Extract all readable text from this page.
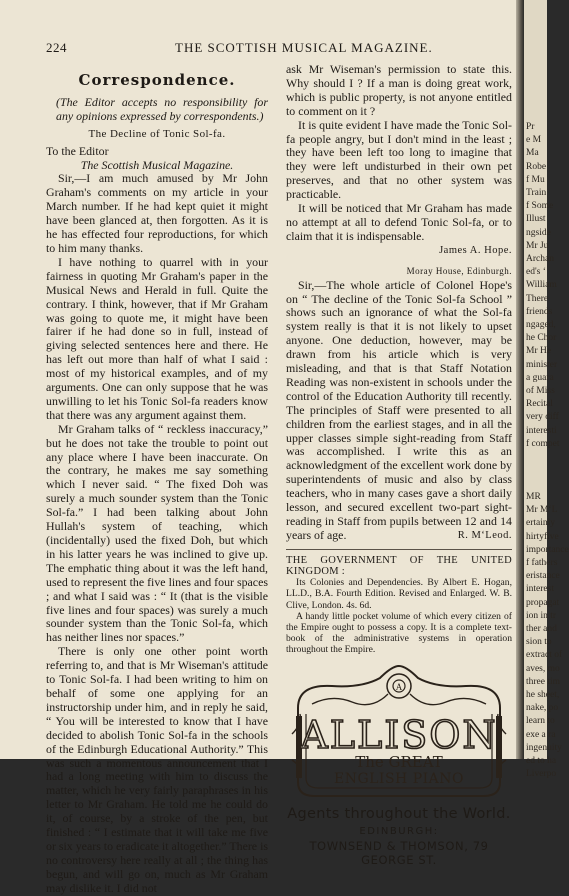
224	THE SCOTTISH MUSICAL MAGAZINE.
Correspondence.

(The Editor accepts no responsibility for any opinions expressed by correspondents.)

The Decline of Tonic Sol-fa.

To the Editor

The Scottish Musical Magazine.

Sir,—I am much amused by Mr John Graham's comments on my article in your March number. If he had kept quiet it might have been glanced at, then forgotten. As it is he has effected four reproductions, for which to him many thanks.

I have nothing to quarrel with in your fairness in quoting Mr Graham's paper in the Musical News and Herald in full. Quite the contrary. I think, however, that if Mr Graham was going to quote me, it might have been fairer if he had done so in full, instead of giving selected sentences here and there. He has left out more than half of what I said : most of my historical examples, and of my arguments. One can only suppose that he was unwilling to let his Tonic Sol-fa readers know that there was any argument against them.

Mr Graham talks of “ reckless inaccuracy,” but he does not take the trouble to point out any place where I have been inaccurate. On the contrary, he makes me say something which I never said. “ The fixed Doh was surely a much sounder system than the Tonic Sol-fa.” I had been talking about John Hullah's system of teaching, which (incidentally) used the fixed Doh, but which in his latter years he was inclined to give up. The emphatic thing about it was the left hand, used to represent the five lines and four spaces ; and what I said was : “ It (that is the visible five lines and four spaces) was surely a much sounder system than the Tonic Sol-fa, which has neither lines nor spaces.”

There is only one other point worth referring to, and that is Mr Wiseman's attitude to Tonic Sol-fa. I had been writing to him on behalf of some one applying for an instructorship under him, and in reply he said, “ You will be interested to know that I have decided to abolish Tonic Sol-fa in the schools of the Edinburgh Educational Authority.” This was such a momentous announcement that I had a long meeting with him to discuss the matter, which he very fairly paraphrases in his letter to Mr Graham. He told me he could do it, of course, by a stroke of the pen, but finished : “ I estimate that it will take me five or six years to eradicate it altogether.” There is no controversy here really at all ; the thing has begun, and will go on, much as Mr Graham may dislike it. I did not

ask Mr Wiseman's permission to state this. Why should I ? If a man is doing great work, which is public property, is not anyone entitled to comment on it ?

It is quite evident I have made the Tonic Sol-fa people angry, but I don't mind in the least ; they have been left too long to imagine that they were left undisturbed in their own pet preserves, and that no other system was practicable.

It will be noticed that Mr Graham has made no attempt at all to defend Tonic Sol-fa, or to claim that it is indispensable.

James A. Hope.

Moray House, Edinburgh.

Sir,—The whole article of Colonel Hope's on “ The decline of the Tonic Sol-fa School ” shows such an ignorance of what the Sol-fa system really is that it is not likely to upset anyone. One deduction, however, may be drawn from his article which is very misleading, and that is that Staff Notation Reading was non-existent in schools under the control of the Education Authority till recently. The principles of Staff were presented to all children from the earliest stages, and in all the upper classes simple sight-reading from Staff was accomplished. I write this as an acknowledgment of the excellent work done by superintendents of music and also by class teachers, who in many cases gave a short daily lesson, and secured excellent two-part sight-reading in Staff from pupils between 12 and 14 years of age.	R. M‘Leod.

THE GOVERNMENT OF THE UNITED KINGDOM :

Its Colonies and Dependencies. By Albert E. Hogan, LL.D., B.A. Fourth Edition. Revised and Enlarged. W. B. Clive, London. 4s. 6d.

A handy little pocket volume of which every citizen of the Empire ought to possess a copy. It is a complete text-book of the administrative systems in operation throughout the Empire.

A
ALLISON
The GREAT
ENGLISH PIANO
Agents throughout the World.
EDINBURGH:
TOWNSEND & THOMSON, 79 GEORGE ST.
Pr
e M
Ma
Robe
f Mu
Train
f Some
Illust
ngside
Mr Ju
Archan
ed's ‘
William
There
friends
ngaged,
he Chor
Mr He
minister
a guara
of Miss
Recital
very diff
interesti
f compet
MR
Mr M‘L
ertainly
hirtyfive
importance
f fathers
eristance
interest
propagat
ion in tr
ther and
sion to
extract of
aves, mo
three tim
he sheet,
nake, po
learn to
exe a ra
ingenuity
ed to ha
Liverpo
